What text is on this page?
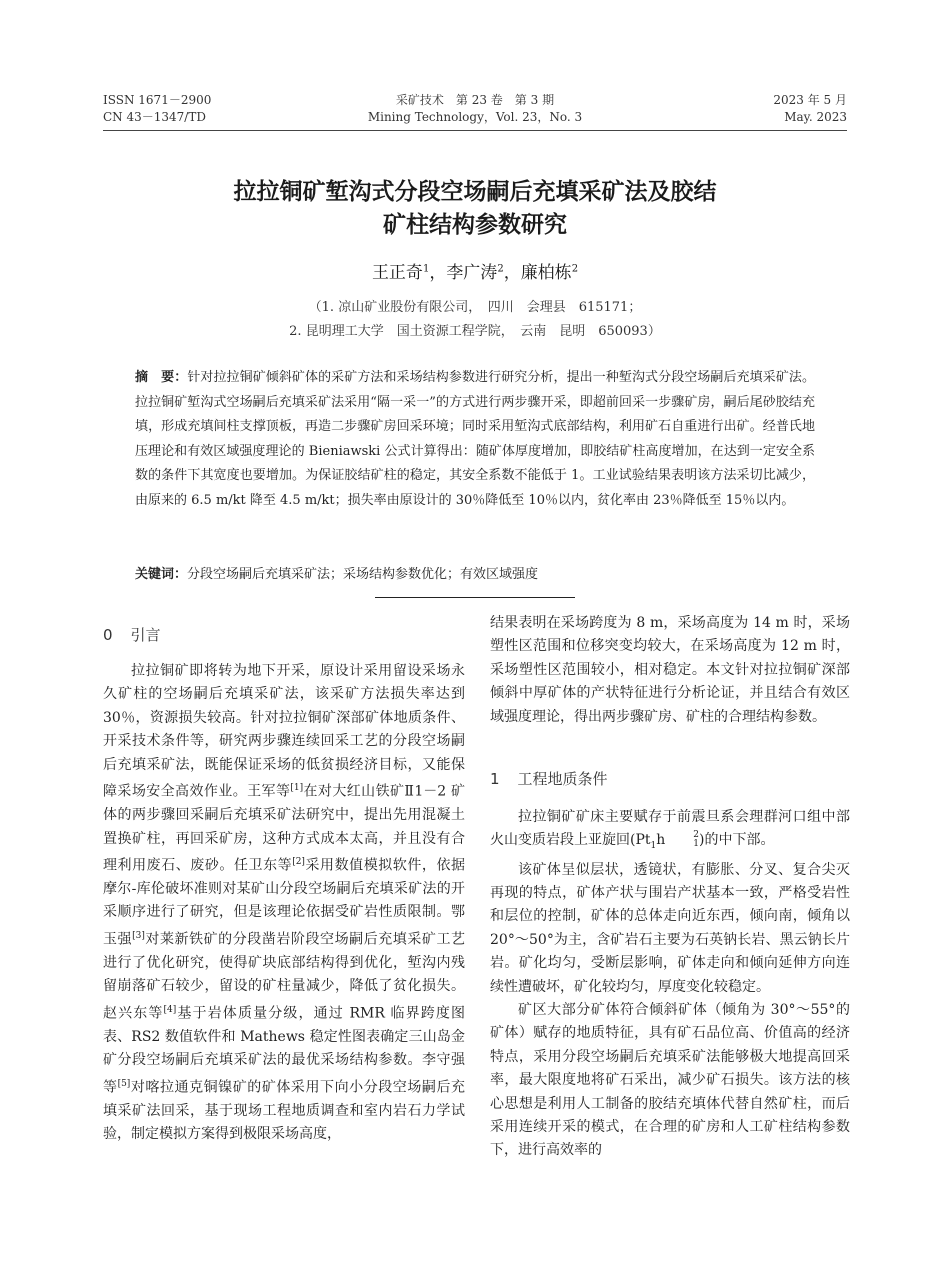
ISSN 1671－2900
CN 43－1347/TD
采矿技术　第 23 卷　第 3 期
Mining Technology，Vol. 23，No. 3
2023 年 5 月
May. 2023
拉拉铜矿堑沟式分段空场嗣后充填采矿法及胶结
矿柱结构参数研究
王正奇$^1$，李广涛$^2$，廉柏栋$^2$
（1. 凉山矿业股份有限公司，　四川　会理县　615171；
2. 昆明理工大学　国土资源工程学院，　云南　昆明　650093）
摘　要：针对拉拉铜矿倾斜矿体的采矿方法和采场结构参数进行研究分析，提出一种堑沟式分段空场嗣后充填采矿法。拉拉铜矿堑沟式空场嗣后充填采矿法采用“隔一采一”的方式进行两步骤开采，即超前回采一步骤矿房，嗣后尾砂胶结充填，形成充填间柱支撑顶板，再造二步骤矿房回采环境；同时采用堑沟式底部结构，利用矿石自重进行出矿。经普氏地压理论和有效区域强度理论的 Bieniawski 公式计算得出：随矿体厚度增加，即胶结矿柱高度增加，在达到一定安全系数的条件下其宽度也要增加。为保证胶结矿柱的稳定，其安全系数不能低于 1。工业试验结果表明该方法采切比减少，由原来的 6.5 m/kt 降至 4.5 m/kt；损失率由原设计的 30％降低至 10％以内，贫化率由 23％降低至 15％以内。
关键词：分段空场嗣后充填采矿法；采场结构参数优化；有效区域强度
0 引言

拉拉铜矿即将转为地下开采，原设计采用留设采场永久矿柱的空场嗣后充填采矿法，该采矿方法损失率达到 30％，资源损失较高。针对拉拉铜矿深部矿体地质条件、开采技术条件等，研究两步骤连续回采工艺的分段空场嗣后充填采矿法，既能保证采场的低贫损经济目标，又能保障采场安全高效作业。王军等[1]在对大红山铁矿Ⅱ1－2 矿体的两步骤回采嗣后充填采矿法研究中，提出先用混凝土置换矿柱，再回采矿房，这种方式成本太高，并且没有合理利用废石、废砂。任卫东等[2]采用数值模拟软件，依据摩尔-库伦破坏准则对某矿山分段空场嗣后充填采矿法的开采顺序进行了研究，但是该理论依据受矿岩性质限制。鄂玉强[3]对莱新铁矿的分段凿岩阶段空场嗣后充填采矿工艺进行了优化研究，使得矿块底部结构得到优化，堑沟内残留崩落矿石较少，留设的矿柱量减少，降低了贫化损失。赵兴东等[4]基于岩体质量分级，通过 RMR 临界跨度图表、RS2 数值软件和 Mathews 稳定性图表确定三山岛金矿分段空场嗣后充填采矿法的最优采场结构参数。李守强等[5]对喀拉通克铜镍矿的矿体采用下向小分段空场嗣后充填采矿法回采，基于现场工程地质调查和室内岩石力学试验，制定模拟方案得到极限采场高度，

结果表明在采场跨度为 8 m，采场高度为 14 m 时，采场塑性区范围和位移突变均较大，在采场高度为 12 m 时，采场塑性区范围较小，相对稳定。本文针对拉拉铜矿深部倾斜中厚矿体的产状特征进行分析论证，并且结合有效区域强度理论，得出两步骤矿房、矿柱的合理结构参数。

1 工程地质条件

拉拉铜矿矿床主要赋存于前震旦系会理群河口组中部火山变质岩段上亚旋回($Pt_1h$	2
1 )的中下部。

该矿体呈似层状，透镜状，有膨胀、分叉、复合尖灭再现的特点，矿体产状与围岩产状基本一致，严格受岩性和层位的控制，矿体的总体走向近东西，倾向南，倾角以 20°～50°为主，含矿岩石主要为石英钠长岩、黑云钠长片岩。矿化均匀，受断层影响，矿体走向和倾向延伸方向连续性遭破坏，矿化较均匀，厚度变化较稳定。

矿区大部分矿体符合倾斜矿体（倾角为 30°～55°的矿体）赋存的地质特征，具有矿石品位高、价值高的经济特点，采用分段空场嗣后充填采矿法能够极大地提高回采率，最大限度地将矿石采出，减少矿石损失。该方法的核心思想是利用人工制备的胶结充填体代替自然矿柱，而后采用连续开采的模式，在合理的矿房和人工矿柱结构参数下，进行高效率的
